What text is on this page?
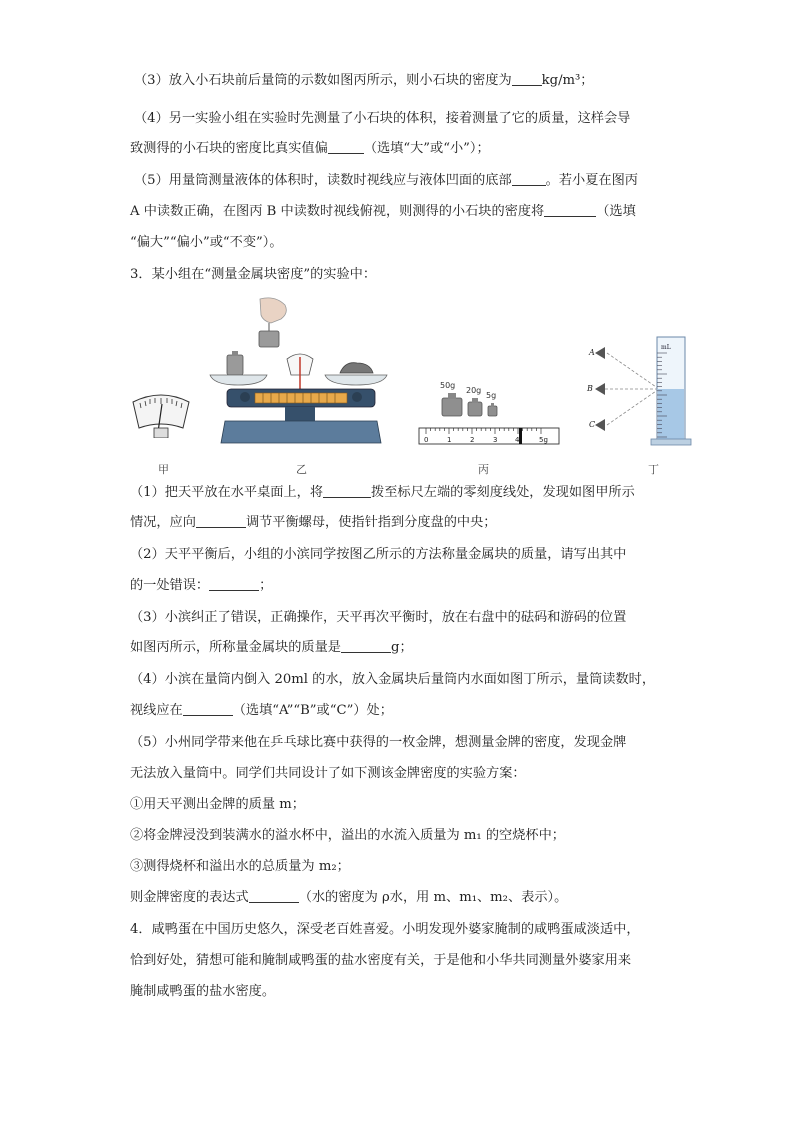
（3）放入小石块前后量筒的示数如图丙所示，则小石块的密度为 kg/m³；
（4）另一实验小组在实验时先测量了小石块的体积，接着测量了它的质量，这样会导
致测得的小石块的密度比真实值偏	（选填“大”或“小”）；
（5）用量筒测量液体的体积时，读数时视线应与液体凹面的底部	。若小夏在图丙
A 中读数正确，在图丙 B 中读数时视线俯视，则测得的小石块的密度将	（选填
“偏大”“偏小”或“不变”）。
3．某小组在“测量金属块密度”的实验中：
甲	乙
50g
20g
5g
0	1	2	3	4	5g
丙
A
B
C
mL
丁
（1）把天平放在水平桌面上，将	拨至标尺左端的零刻度线处，发现如图甲所示
情况，应向	调节平衡螺母，使指针指到分度盘的中央；
（2）天平平衡后，小组的小滨同学按图乙所示的方法称量金属块的质量，请写出其中
的一处错误：	；
（3）小滨纠正了错误，正确操作，天平再次平衡时，放在右盘中的砝码和游码的位置
如图丙所示，所称量金属块的质量是	g；
（4）小滨在量筒内倒入 20ml 的水，放入金属块后量筒内水面如图丁所示，量筒读数时，
视线应在	（选填“A”“B”或“C”）处；
（5）小州同学带来他在乒乓球比赛中获得的一枚金牌，想测量金牌的密度，发现金牌
无法放入量筒中。同学们共同设计了如下测该金牌密度的实验方案：
①用天平测出金牌的质量 m；
②将金牌浸没到装满水的溢水杯中，溢出的水流入质量为 m₁ 的空烧杯中；
③测得烧杯和溢出水的总质量为 m₂；
则金牌密度的表达式	（水的密度为 ρ水，用 m、m₁、m₂、表示）。
4．咸鸭蛋在中国历史悠久，深受老百姓喜爱。小明发现外婆家腌制的咸鸭蛋咸淡适中，
恰到好处，猜想可能和腌制咸鸭蛋的盐水密度有关，于是他和小华共同测量外婆家用来
腌制咸鸭蛋的盐水密度。
